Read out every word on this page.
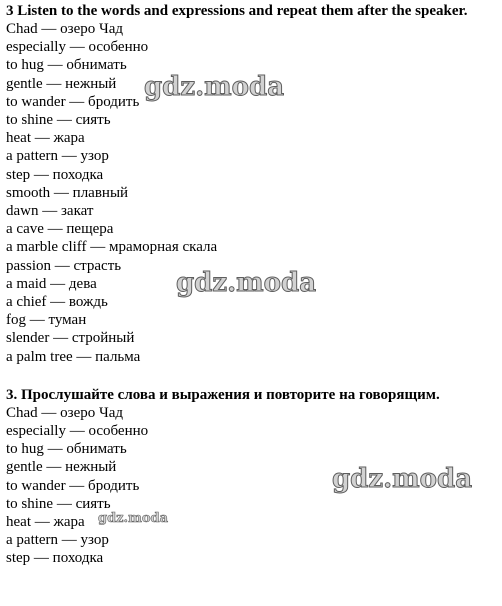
3 Listen to the words and expressions and repeat them after the speaker.
Chad — озеро Чад
especially — особенно
to hug — обнимать
gentle — нежный
to wander — бродить
to shine — сиять
heat — жара
a pattern — узор
step — походка
smooth — плавный
dawn — закат
a cave — пещера
a marble cliff — мраморная скала
passion — страсть
a maid — дева
a chief — вождь
fog — туман
slender — стройный
a palm tree — пальма
3. Прослушайте слова и выражения и повторите на говорящим.
Chad — озеро Чад
especially — особенно
to hug — обнимать
gentle — нежный
to wander — бродить
to shine — сиять
heat — жара
a pattern — узор
step — походка
gdz.moda
gdz.moda
gdz.moda
gdz.moda
